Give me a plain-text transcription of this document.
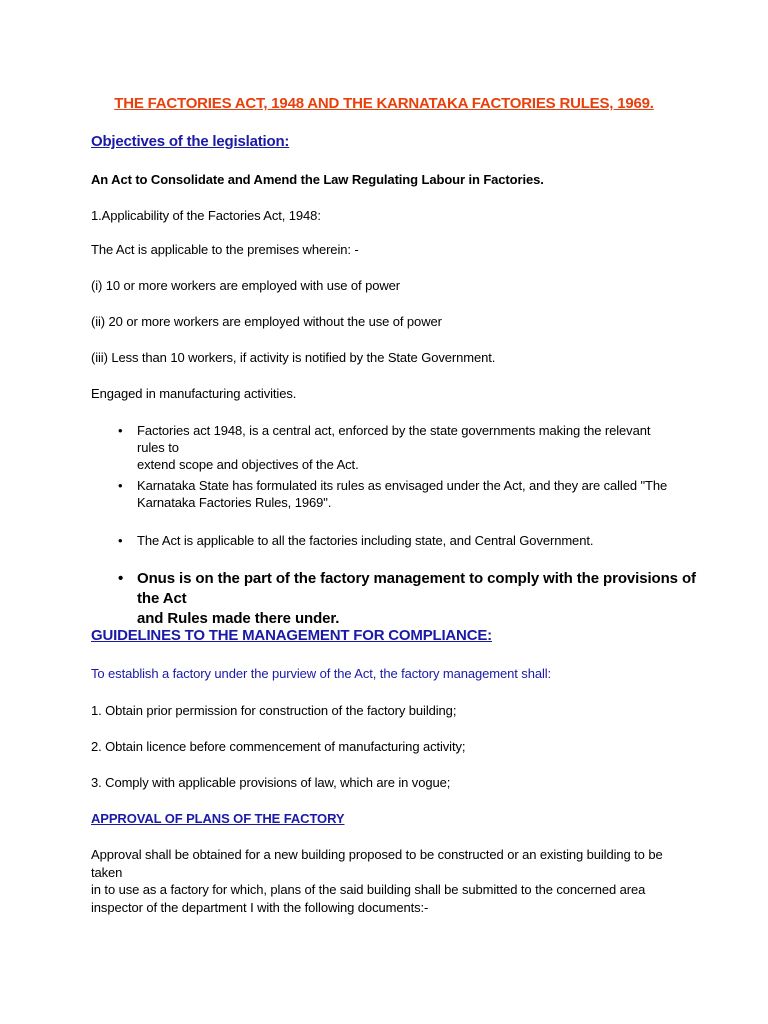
THE FACTORIES ACT, 1948 AND THE KARNATAKA FACTORIES RULES, 1969.
Objectives of the legislation:
An Act to Consolidate and Amend the Law Regulating Labour in Factories.
1.Applicability of the Factories Act, 1948:
The Act is applicable to the premises wherein: -
(i) 10 or more workers are employed with use of power
(ii) 20 or more workers are employed without the use of power
(iii) Less than 10 workers, if activity is notified by the State Government.
Engaged in manufacturing activities.
•	Factories act 1948, is a central act, enforced by the state governments making the relevant rules to
extend scope and objectives of the Act.
•	Karnataka State has formulated its rules as envisaged under the Act, and they are called "The
Karnataka Factories Rules, 1969".
•	The Act is applicable to all the factories including state, and Central Government.
• Onus is on the part of the factory management to comply with the provisions of the Act
and Rules made there under.
GUIDELINES TO THE MANAGEMENT FOR COMPLIANCE:
To establish a factory under the purview of the Act, the factory management shall:
1. Obtain prior permission for construction of the factory building;
2. Obtain licence before commencement of manufacturing activity;
3. Comply with applicable provisions of law, which are in vogue;
APPROVAL OF PLANS OF THE FACTORY
Approval shall be obtained for a new building proposed to be constructed or an existing building to be taken
in to use as a factory for which, plans of the said building shall be submitted to the concerned area
inspector of the department I with the following documents:-
